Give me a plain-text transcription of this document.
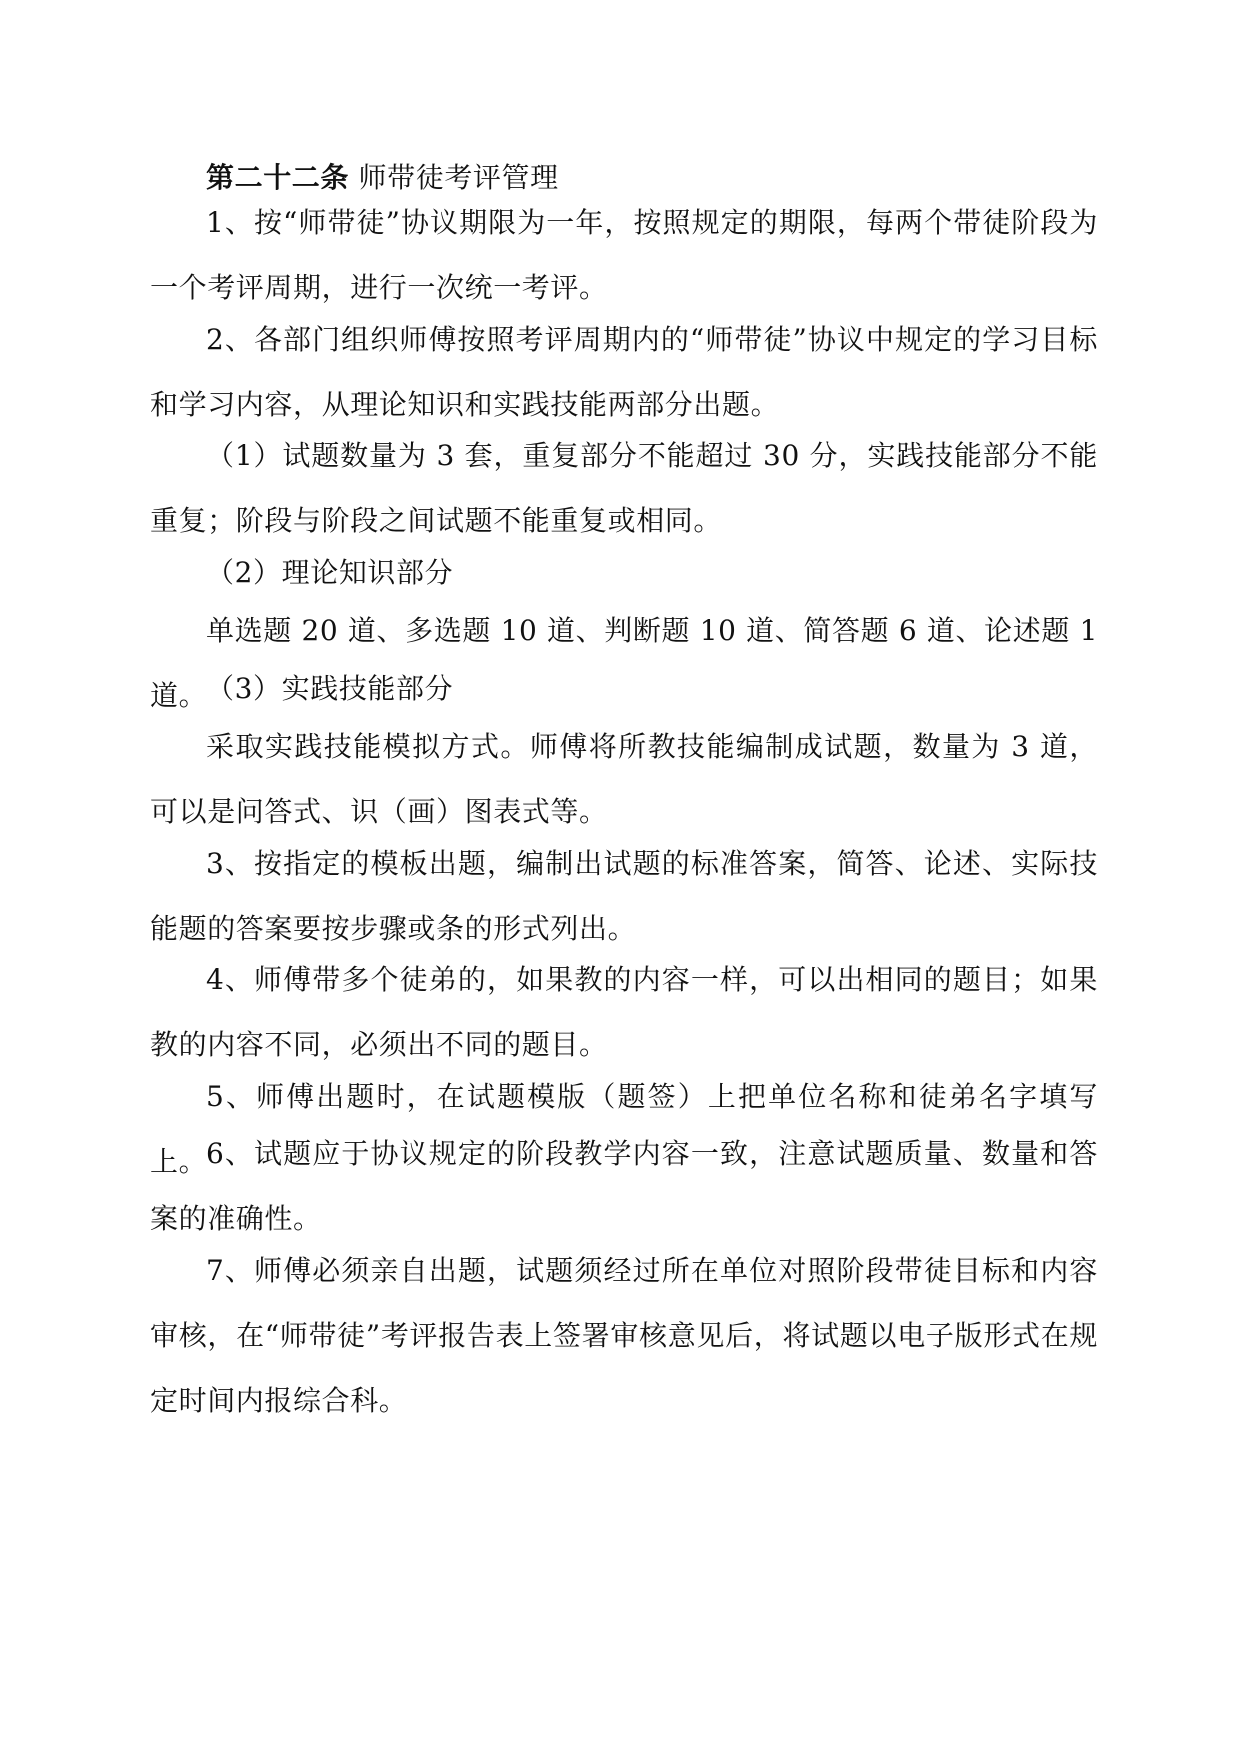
第二十二条 师带徒考评管理

1、按“师带徒”协议期限为一年，按照规定的期限，每两个带徒阶段为一个考评周期，进行一次统一考评。

2、各部门组织师傅按照考评周期内的“师带徒”协议中规定的学习目标和学习内容，从理论知识和实践技能两部分出题。

（1）试题数量为 3 套，重复部分不能超过 30 分，实践技能部分不能重复；阶段与阶段之间试题不能重复或相同。

（2）理论知识部分

单选题 20 道、多选题 10 道、判断题 10 道、简答题 6 道、论述题 1 道。

（3）实践技能部分

采取实践技能模拟方式。师傅将所教技能编制成试题，数量为 3 道，可以是问答式、识（画）图表式等。

3、按指定的模板出题，编制出试题的标准答案，简答、论述、实际技能题的答案要按步骤或条的形式列出。

4、师傅带多个徒弟的，如果教的内容一样，可以出相同的题目；如果教的内容不同，必须出不同的题目。

5、师傅出题时，在试题模版（题签）上把单位名称和徒弟名字填写上。

6、试题应于协议规定的阶段教学内容一致，注意试题质量、数量和答案的准确性。

7、师傅必须亲自出题，试题须经过所在单位对照阶段带徒目标和内容审核，在“师带徒”考评报告表上签署审核意见后，将试题以电子版形式在规定时间内报综合科。
